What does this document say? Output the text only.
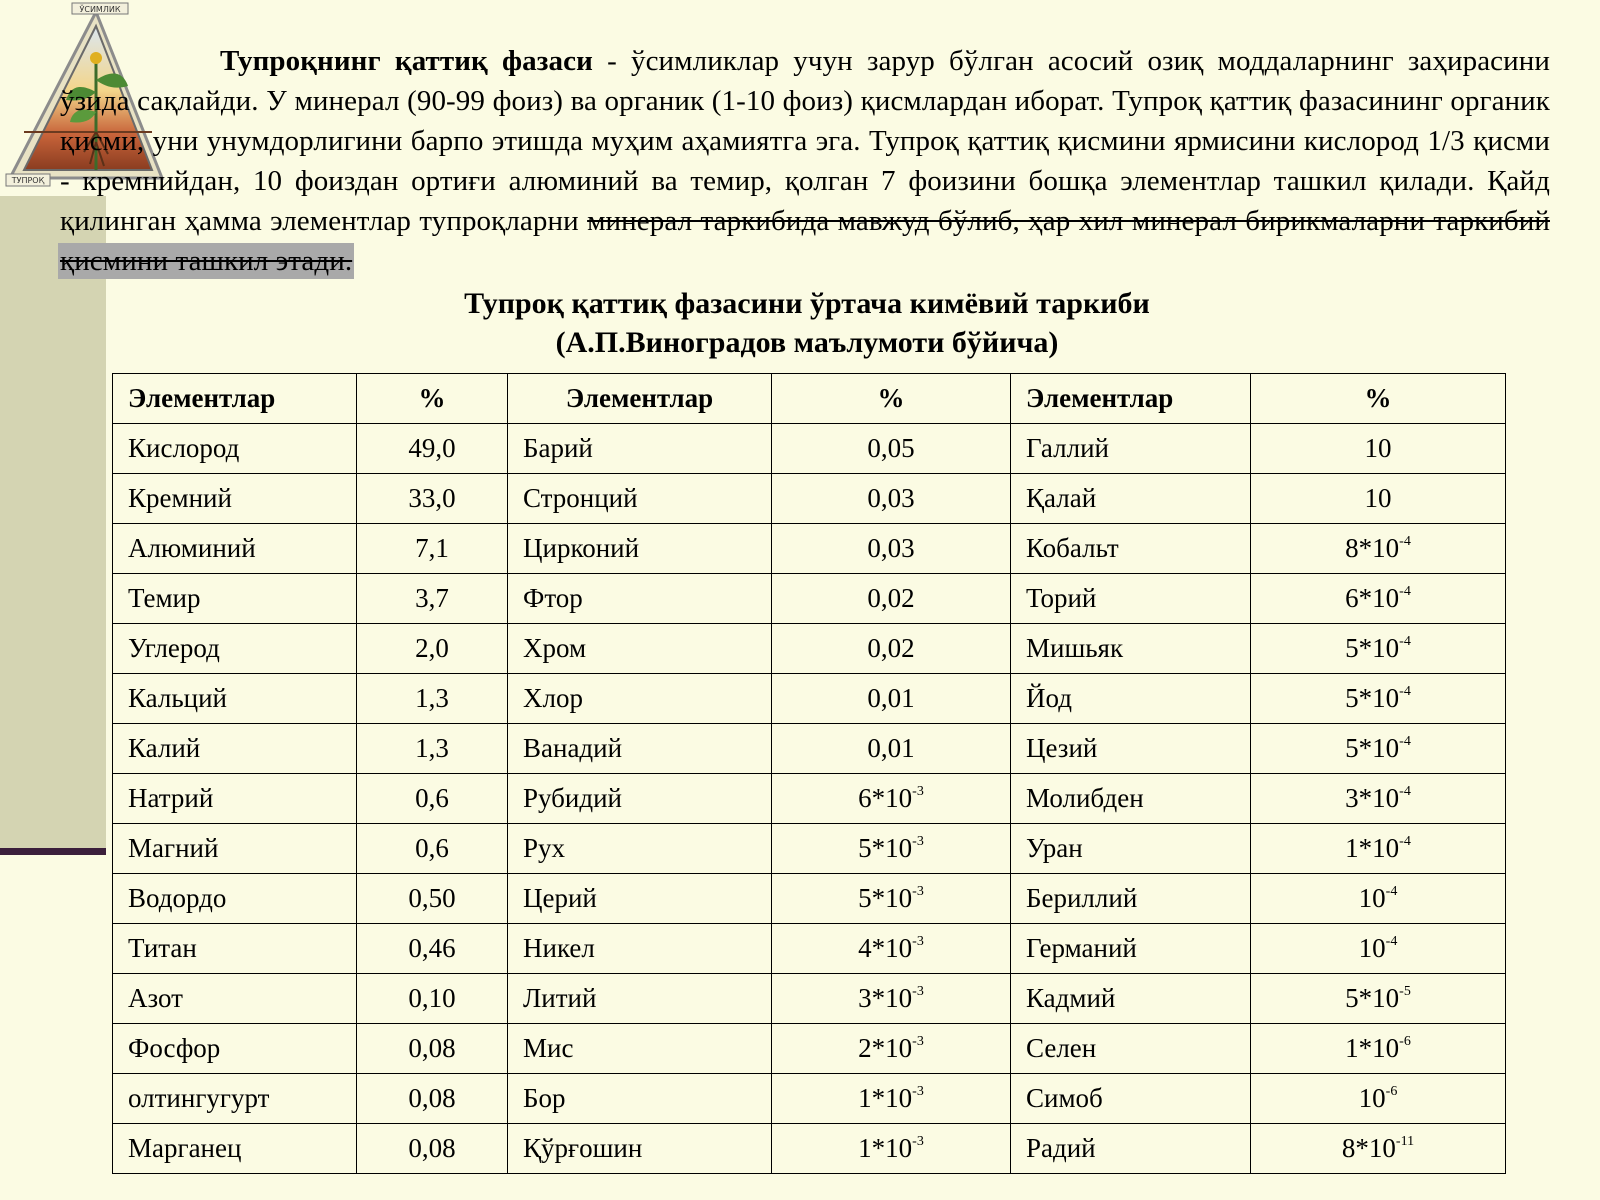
ЎСИМЛИК
ТУПРОҚ

Тупроқнинг қаттиқ фазаси - ўсимликлар учун зарур бўлган асосий озиқ моддаларнинг заҳирасини ўзида сақлайди. У минерал (90-99 фоиз) ва органик (1-10 фоиз) қисмлардан иборат. Тупроқ қаттиқ фазасининг органик қисми, уни унумдорлигини барпо этишда муҳим аҳамиятга эга. Тупроқ қаттиқ қисмини ярмисини кислород 1/3 қисми - кремнийдан, 10 фоиздан ортиғи алюминий ва темир, қолган 7 фоизини бошқа элементлар ташкил қилади. Қайд қилинган ҳамма элементлар тупроқларни минерал таркибида мавжуд бўлиб, ҳар хил минерал бирикмаларни таркибий қисмини ташкил этади.

Тупроқ қаттиқ фазасини ўртача кимёвий таркиби

(А.П.Виноградов маълумоти бўйича)

Элементлар	%	Элементлар	%	Элементлар	%
Кислород	49,0	Барий	0,05	Галлий	10
Кремний	33,0	Стронций	0,03	Қалай	10
Алюминий	7,1	Цирконий	0,03	Кобальт	$8*10^{-4}$
Темир	3,7	Фтор	0,02	Торий	$6*10^{-4}$
Углерод	2,0	Хром	0,02	Мишьяк	$5*10^{-4}$
Кальций	1,3	Хлор	0,01	Йод	$5*10^{-4}$
Калий	1,3	Ванадий	0,01	Цезий	$5*10^{-4}$
Натрий	0,6	Рубидий	$6*10^{-3}$	Молибден	$3*10^{-4}$
Магний	0,6	Рух	$5*10^{-3}$	Уран	$1*10^{-4}$
Водордо	0,50	Церий	$5*10^{-3}$	Бериллий	$10^{-4}$
Титан	0,46	Никел	$4*10^{-3}$	Германий	$10^{-4}$
Азот	0,10	Литий	$3*10^{-3}$	Кадмий	$5*10^{-5}$
Фосфор	0,08	Мис	$2*10^{-3}$	Селен	$1*10^{-6}$
олтингугурт	0,08	Бор	$1*10^{-3}$	Симоб	$10^{-6}$
Марганец	0,08	Қўрғошин	$1*10^{-3}$	Радий	$8*10^{-11}$
